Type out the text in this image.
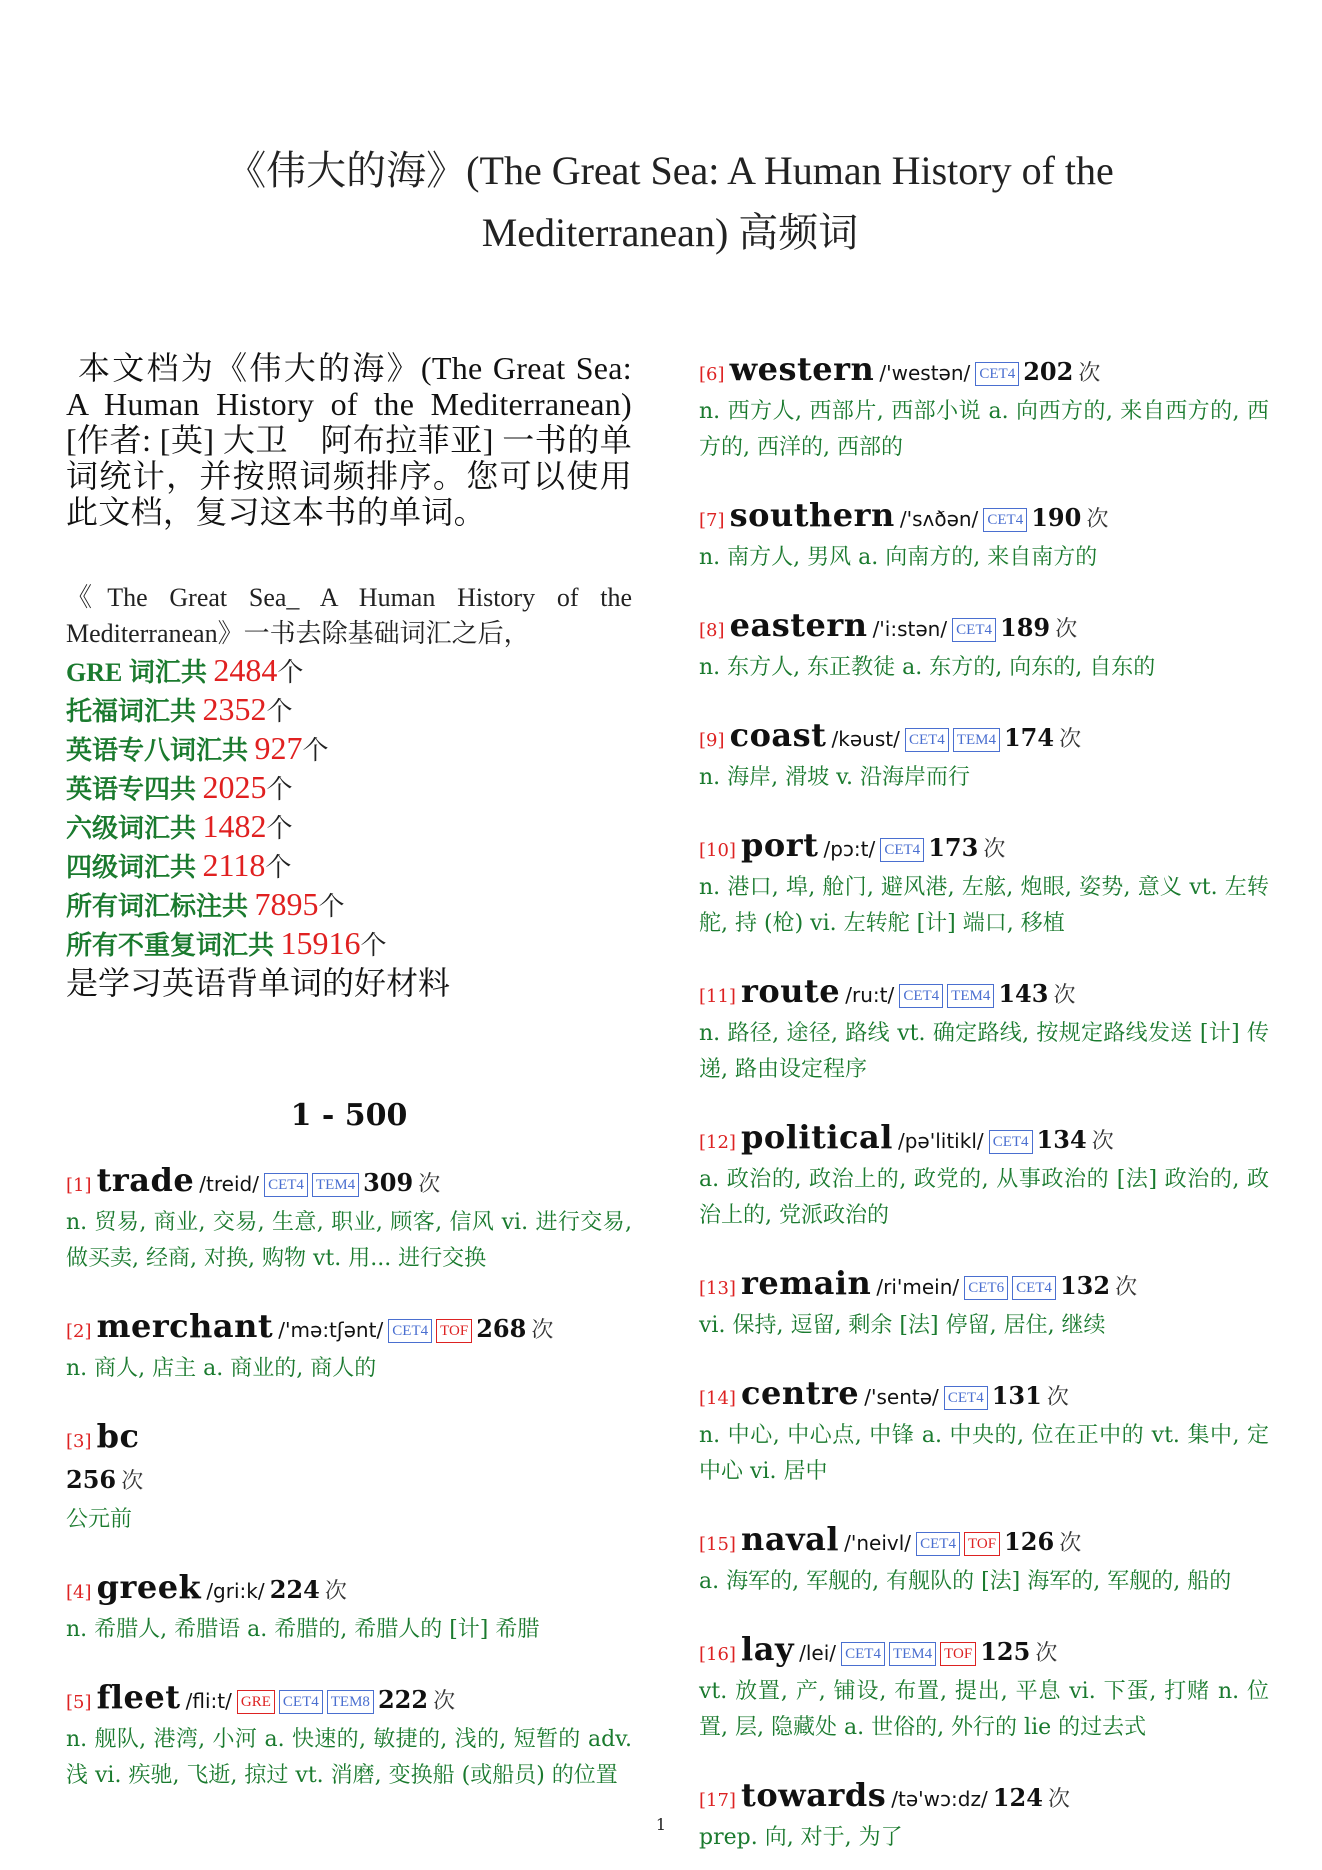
《伟大的海》(The Great Sea: A Human History of the
Mediterranean) 高频词

本文档为《伟大的海》(The Great Sea: A Human History of the Mediterranean)[作者: [英] 大卫　阿布拉菲亚] 一书的单词统计，并按照词频排序。您可以使用此文档，复习这本书的单词。

《The Great Sea_ A Human History of the Mediterranean》一书去除基础词汇之后，
GRE 词汇共 2484个
托福词汇共 2352个
英语专八词汇共 927个
英语专四共 2025个
六级词汇共 1482个
四级词汇共 2118个
所有词汇标注共 7895个
所有不重复词汇共 15916个
是学习英语背单词的好材料
1 - 500
[1] trade /treid/ CET4 TEM4 309 次
n. 贸易, 商业, 交易, 生意, 职业, 顾客, 信风 vi. 进行交易, 做买卖, 经商, 对换, 购物 vt. 用... 进行交换
[2] merchant /'mə:tʃənt/ CET4 TOF 268 次
n. 商人, 店主 a. 商业的, 商人的
[3] bc
256 次
公元前
[4] greek /gri:k/ 224 次
n. 希腊人, 希腊语 a. 希腊的, 希腊人的 [计] 希腊
[5] fleet /fli:t/ GRE CET4 TEM8 222 次
n. 舰队, 港湾, 小河 a. 快速的, 敏捷的, 浅的, 短暂的 adv. 浅 vi. 疾驰, 飞逝, 掠过 vt. 消磨, 变换船 (或船员) 的位置
[6] western /'westən/ CET4 202 次
n. 西方人, 西部片, 西部小说 a. 向西方的, 来自西方的, 西方的, 西洋的, 西部的
[7] southern /'sʌðən/ CET4 190 次
n. 南方人, 男风 a. 向南方的, 来自南方的
[8] eastern /'i:stən/ CET4 189 次
n. 东方人, 东正教徒 a. 东方的, 向东的, 自东的
[9] coast /kəust/ CET4 TEM4 174 次
n. 海岸, 滑坡 v. 沿海岸而行
[10] port /pɔ:t/ CET4 173 次
n. 港口, 埠, 舱门, 避风港, 左舷, 炮眼, 姿势, 意义 vt. 左转舵, 持 (枪) vi. 左转舵 [计] 端口, 移植
[11] route /ru:t/ CET4 TEM4 143 次
n. 路径, 途径, 路线 vt. 确定路线, 按规定路线发送 [计] 传递, 路由设定程序
[12] political /pə'litikl/ CET4 134 次
a. 政治的, 政治上的, 政党的, 从事政治的 [法] 政治的, 政治上的, 党派政治的
[13] remain /ri'mein/ CET6 CET4 132 次
vi. 保持, 逗留, 剩余 [法] 停留, 居住, 继续
[14] centre /'sentə/ CET4 131 次
n. 中心, 中心点, 中锋 a. 中央的, 位在正中的 vt. 集中, 定中心 vi. 居中
[15] naval /'neivl/ CET4 TOF 126 次
a. 海军的, 军舰的, 有舰队的 [法] 海军的, 军舰的, 船的
[16] lay /lei/ CET4 TEM4 TOF 125 次
vt. 放置, 产, 铺设, 布置, 提出, 平息 vi. 下蛋, 打赌 n. 位置, 层, 隐藏处 a. 世俗的, 外行的 lie 的过去式
[17] towards /tə'wɔ:dz/ 124 次
prep. 向, 对于, 为了
1
